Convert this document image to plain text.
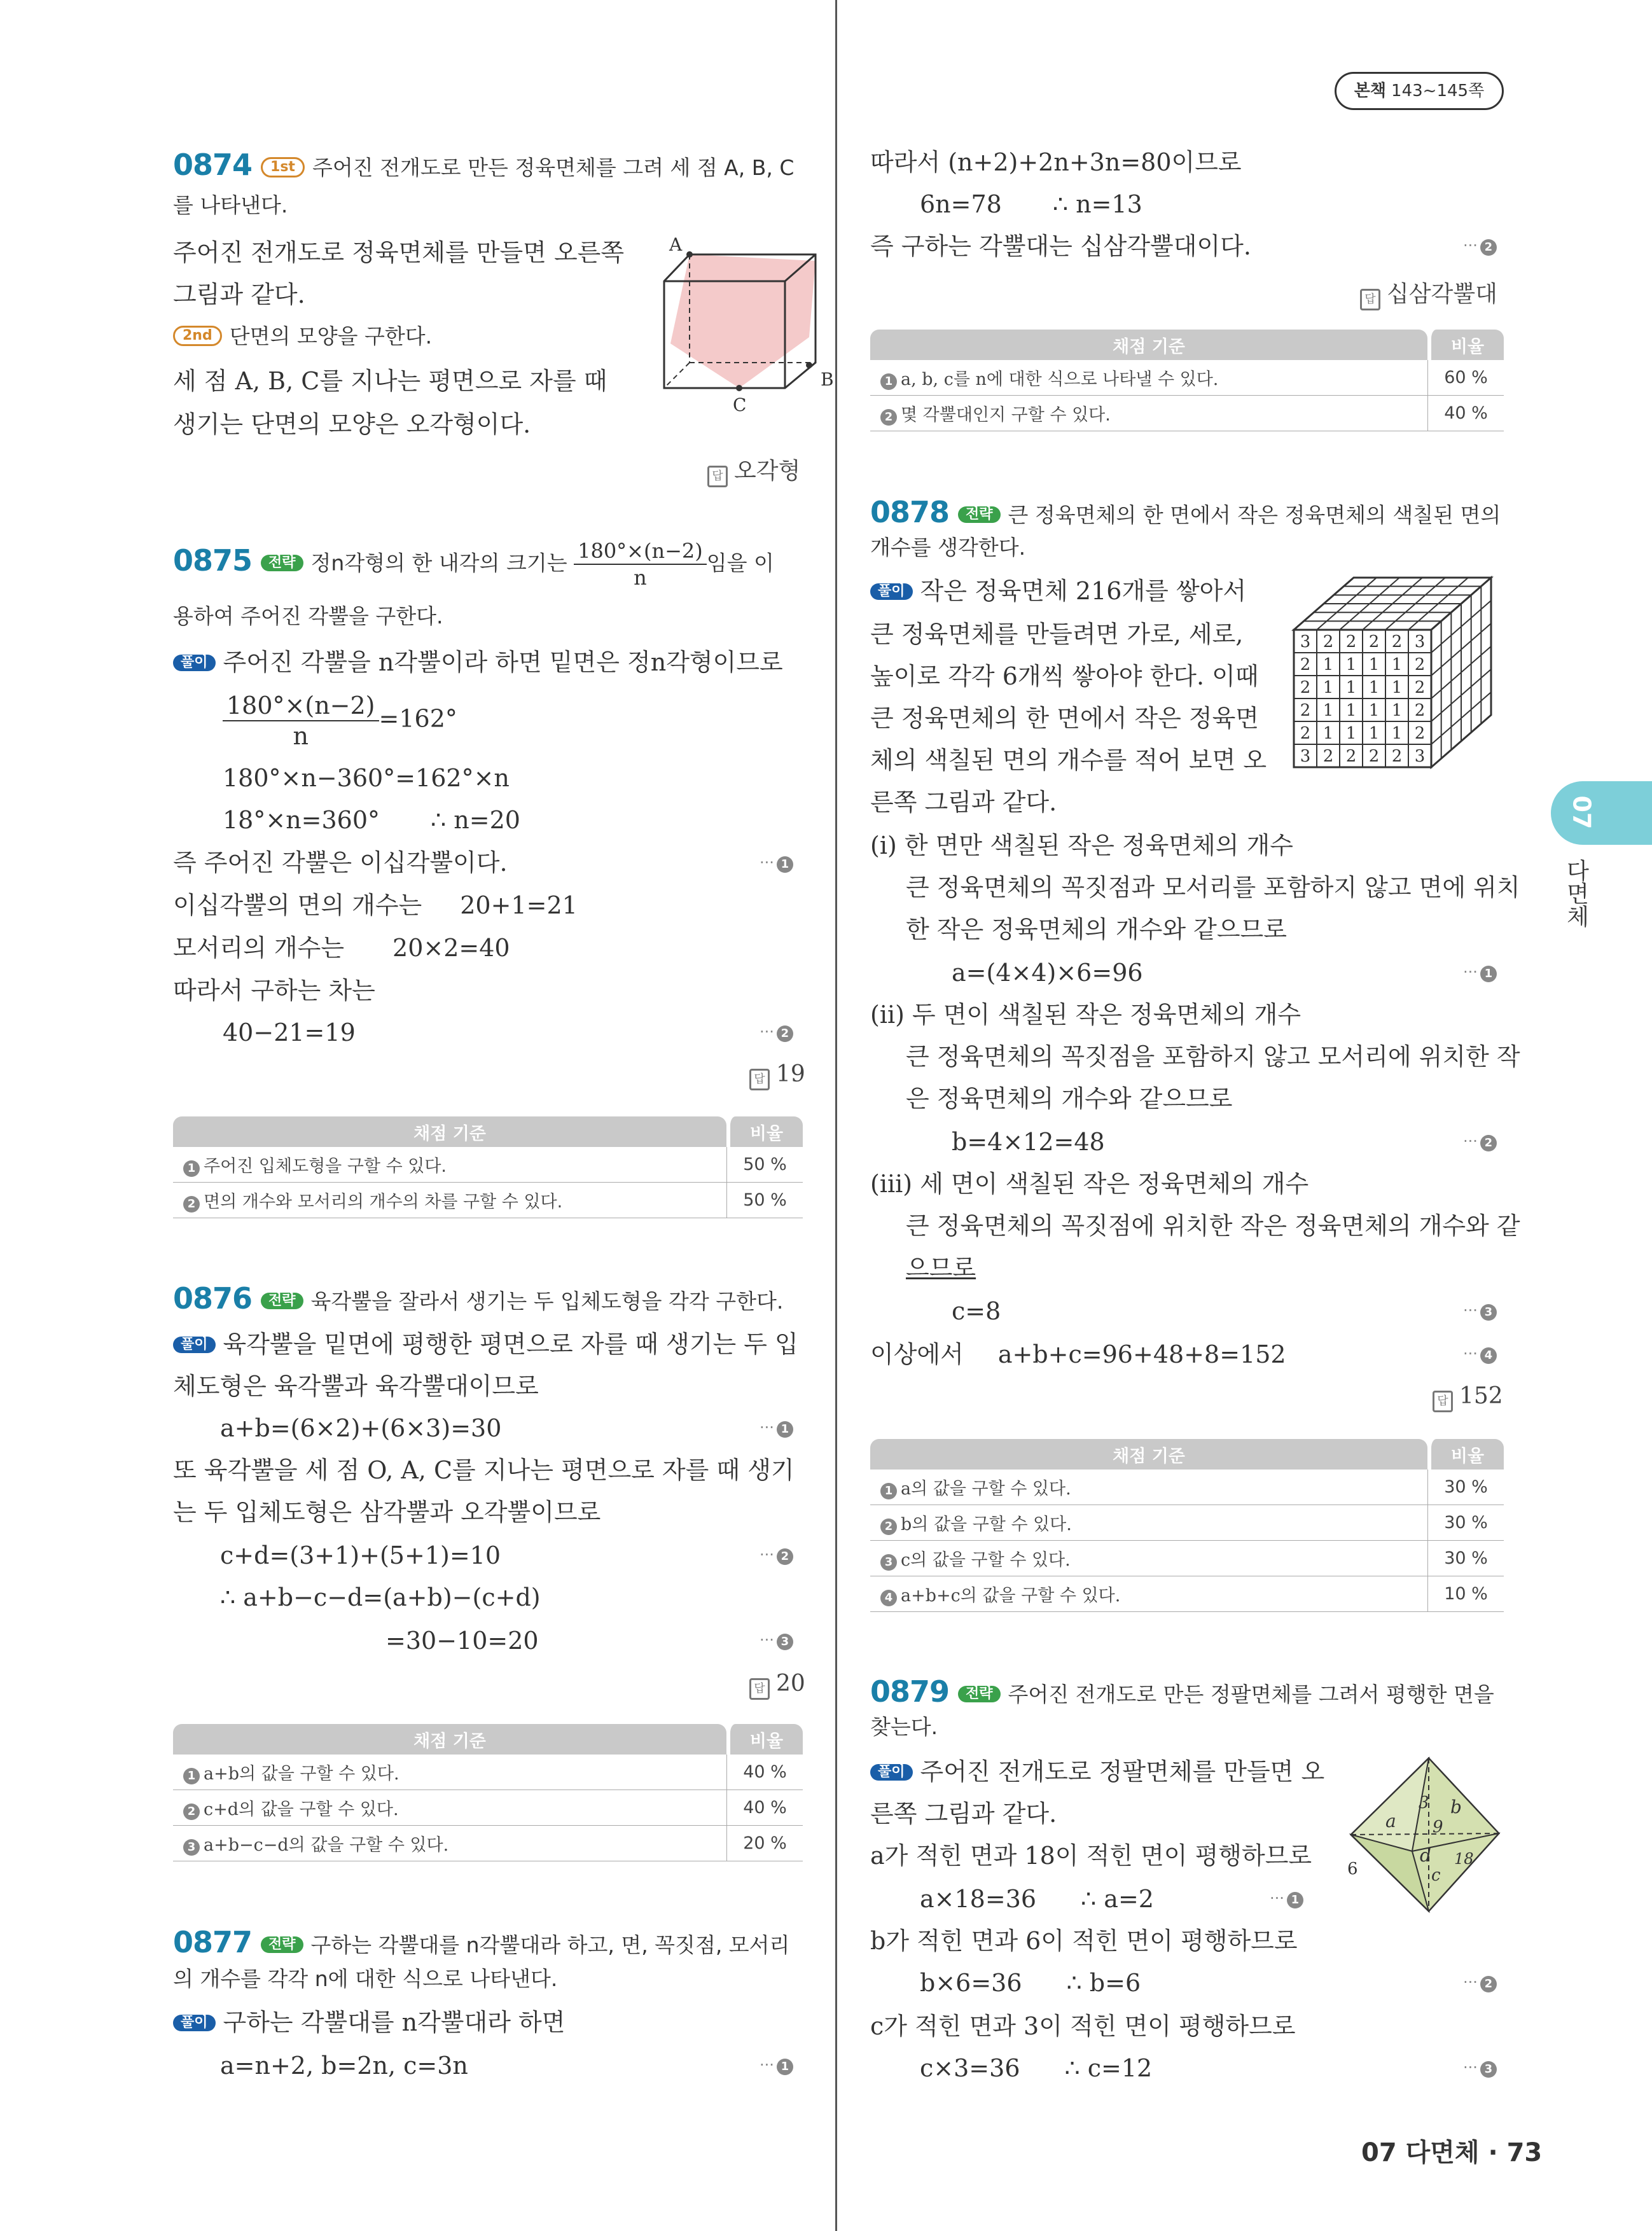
본책 143~145쪽
07
다면체
0874 1st 주어진 전개도로 만든 정육면체를 그려 세 점 A, B, C
를 나타낸다.
주어진 전개도로 정육면체를 만들면 오른쪽
그림과 같다.
2nd 단면의 모양을 구한다.
세 점 A, B, C를 지나는 평면으로 자를 때
생기는 단면의 모양은 오각형이다.
A
B
C
답 오각형
0875 전략 정n각형의 한 내각의 크기는 $\frac{180^\circ\times(n-2)}{n}$ 임을 이
용하여 주어진 각뿔을 구한다.
풀이 주어진 각뿔을 n각뿔이라 하면 밑면은 정n각형이므로
$\frac{180^\circ\times(n-2)}{n} =162^\circ$
180°×n−360°=162°×n
18°×n=360° ∴ n=20
즉 주어진 각뿔은 이십각뿔이다.	··· 1
이십각뿔의 면의 개수는 20+1=21
모서리의 개수는 20×2=40
따라서 구하는 차는
40−21=19	··· 2
답 19
채점 기준	비율
1 주어진 입체도형을 구할 수 있다.	50 %
2 면의 개수와 모서리의 개수의 차를 구할 수 있다.	50 %
0876 전략 육각뿔을 잘라서 생기는 두 입체도형을 각각 구한다.
풀이 육각뿔을 밑면에 평행한 평면으로 자를 때 생기는 두 입
체도형은 육각뿔과 육각뿔대이므로
a+b=(6×2)+(6×3)=30	··· 1
또 육각뿔을 세 점 O, A, C를 지나는 평면으로 자를 때 생기
는 두 입체도형은 삼각뿔과 오각뿔이므로
c+d=(3+1)+(5+1)=10	··· 2
∴ a+b−c−d=(a+b)−(c+d)
=30−10=20	··· 3
답 20
채점 기준	비율
1 a+b의 값을 구할 수 있다.	40 %
2 c+d의 값을 구할 수 있다.	40 %
3 a+b−c−d의 값을 구할 수 있다.	20 %
0877 전략 구하는 각뿔대를 n각뿔대라 하고, 면, 꼭짓점, 모서리
의 개수를 각각 n에 대한 식으로 나타낸다.
풀이 구하는 각뿔대를 n각뿔대라 하면
a=n+2, b=2n, c=3n	··· 1
따라서 (n+2)+2n+3n=80이므로
6n=78 ∴ n=13
즉 구하는 각뿔대는 십삼각뿔대이다.	··· 2
답 십삼각뿔대
채점 기준	비율
1 a, b, c를 n에 대한 식으로 나타낼 수 있다.	60 %
2 몇 각뿔대인지 구할 수 있다.	40 %
0878 전략 큰 정육면체의 한 면에서 작은 정육면체의 색칠된 면의
개수를 생각한다.
풀이 작은 정육면체 216개를 쌓아서
큰 정육면체를 만들려면 가로, 세로,
높이로 각각 6개씩 쌓아야 한다. 이때
큰 정육면체의 한 면에서 작은 정육면
체의 색칠된 면의 개수를 적어 보면 오
른쪽 그림과 같다.
3 2 2 2 2 3
2 1 1 1 1 2
2 1 1 1 1 2
2 1 1 1 1 2
2 1 1 1 1 2
3 2 2 2 2 3
(i) 한 면만 색칠된 작은 정육면체의 개수
큰 정육면체의 꼭짓점과 모서리를 포함하지 않고 면에 위치
한 작은 정육면체의 개수와 같으므로
a=(4×4)×6=96	··· 1
(ii) 두 면이 색칠된 작은 정육면체의 개수
큰 정육면체의 꼭짓점을 포함하지 않고 모서리에 위치한 작
은 정육면체의 개수와 같으므로
b=4×12=48	··· 2
(iii) 세 면이 색칠된 작은 정육면체의 개수
큰 정육면체의 꼭짓점에 위치한 작은 정육면체의 개수와 같
으므로
c=8	··· 3
이상에서 a+b+c=96+48+8=152	··· 4
답 152
채점 기준	비율
1 a의 값을 구할 수 있다.	30 %
2 b의 값을 구할 수 있다.	30 %
3 c의 값을 구할 수 있다.	30 %
4 a+b+c의 값을 구할 수 있다.	10 %
0879 전략 주어진 전개도로 만든 정팔면체를 그려서 평행한 면을
찾는다.
풀이 주어진 전개도로 정팔면체를 만들면 오
른쪽 그림과 같다.
a가 적힌 면과 18이 적힌 면이 평행하므로
a×18=36 ∴ a=2	··· 1
b가 적힌 면과 6이 적힌 면이 평행하므로
b×6=36 ∴ b=6	··· 2
c가 적힌 면과 3이 적힌 면이 평행하므로
c×3=36 ∴ c=12	··· 3
a
3 b
9
d 18
c
6
07 다면체 · 73
